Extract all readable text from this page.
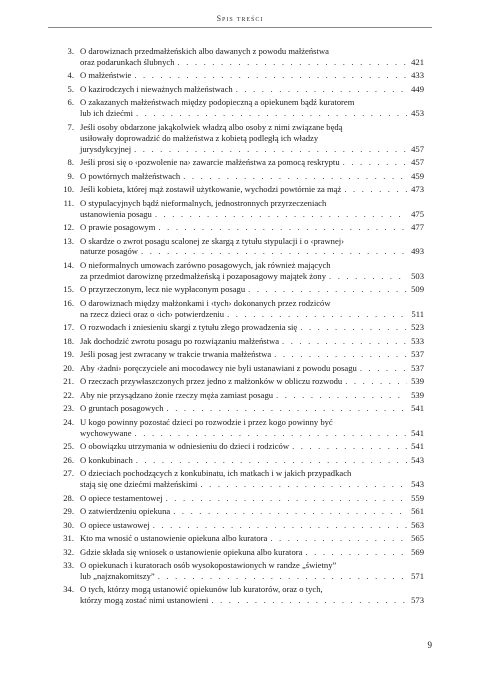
Spis treści
3. O darowiznach przedmałżeńskich albo dawanych z powodu małżeństwa
oraz podarunkach ślubnych . . .	421
4. O małżeństwie . . .	433
5. O kazirodczych i nieważnych małżeństwach . . .	449
6. O zakazanych małżeństwach między podopieczną a opiekunem bądź kuratorem
lub ich dziećmi . . .	453
7. Jeśli osoby obdarzone jakąkolwiek władzą albo osoby z nimi związane będą
usiłowały doprowadzić do małżeństwa z kobietą podległą ich władzy
jurysdykcyjnej . . .	457
8. Jeśli prosi się o ‹pozwolenie na› zawarcie małżeństwa za pomocą reskryptu . . .	457
9. O powtórnych małżeństwach . . .	459
10. Jeśli kobieta, której mąż zostawił użytkowanie, wychodzi powtórnie za mąż . . .	473
11. O stypulacyjnych bądź nieformalnych, jednostronnych przyrzeczeniach
ustanowienia posagu . . .	475
12. O prawie posagowym . . .	477
13. O skardze o zwrot posagu scalonej ze skargą z tytułu stypulacji i o ‹prawnej›
naturze posagów . . .	493
14. O nieformalnych umowach zarówno posagowych, jak również mających
za przedmiot darowiznę przedmałżeńską i pozaposagowy majątek żony . . .	503
15. O przyrzeczonym, lecz nie wypłaconym posagu . . .	509
16. O darowiznach między małżonkami i ‹tych› dokonanych przez rodziców
na rzecz dzieci oraz o ‹ich› potwierdzeniu . . .	511
17. O rozwodach i zniesieniu skargi z tytułu złego prowadzenia się . . .	523
18. Jak dochodzić zwrotu posagu po rozwiązaniu małżeństwa . . .	533
19. Jeśli posag jest zwracany w trakcie trwania małżeństwa . . .	537
20. Aby ‹żadni› poręczyciele ani mocodawcy nie byli ustanawiani z powodu posagu . . .	537
21. O rzeczach przywłaszczonych przez jedno z małżonków w obliczu rozwodu . . .	539
22. Aby nie przysądzano żonie rzeczy męża zamiast posagu . . .	539
23. O gruntach posagowych . . .	541
24. U kogo powinny pozostać dzieci po rozwodzie i przez kogo powinny być
wychowywane . . .	541
25. O obowiązku utrzymania w odniesieniu do dzieci i rodziców . . .	541
26. O konkubinach . . .	543
27. O dzieciach pochodzących z konkubinatu, ich matkach i w jakich przypadkach
stają się one dziećmi małżeńskimi . . .	543
28. O opiece testamentowej . . .	559
29. O zatwierdzeniu opiekuna . . .	561
30. O opiece ustawowej . . .	563
31. Kto ma wnosić o ustanowienie opiekuna albo kuratora . . .	565
32. Gdzie składa się wniosek o ustanowienie opiekuna albo kuratora . . .	569
33. O opiekunach i kuratorach osób wysokopostawionych w randze „świetny”
lub „najznakomitszy” . . .	571
34. O tych, którzy mogą ustanowić opiekunów lub kuratorów, oraz o tych,
którzy mogą zostać nimi ustanowieni . . .	573
9
